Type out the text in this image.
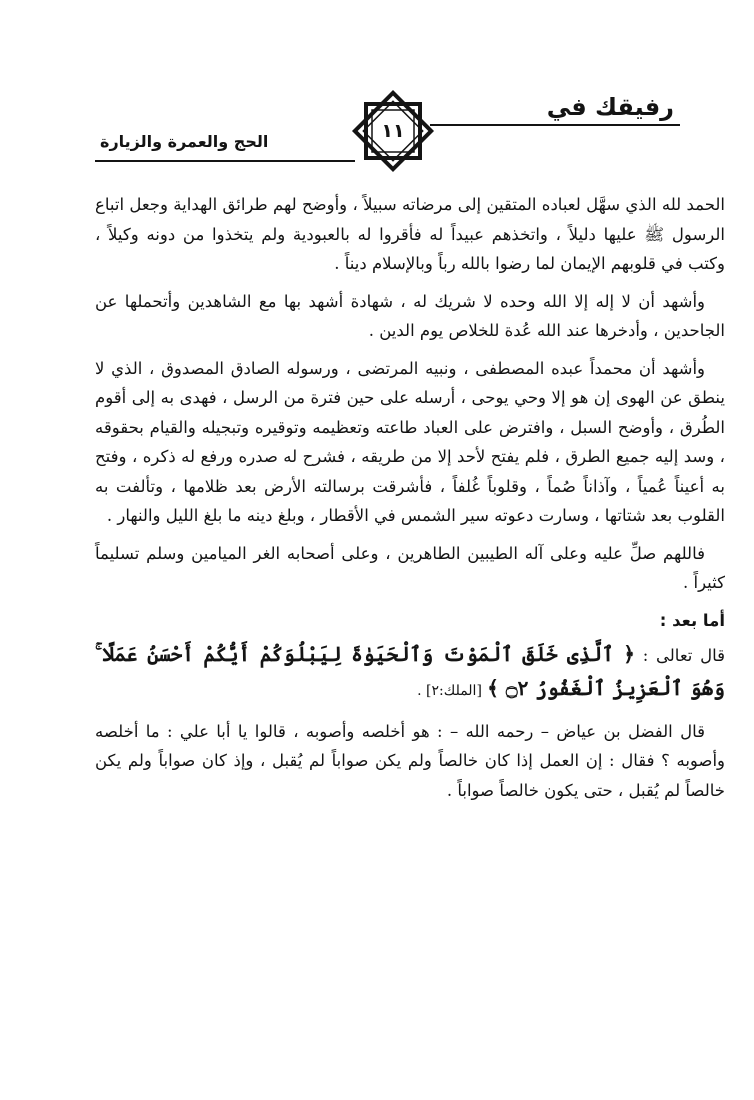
رفيقك في
١١
الحج والعمرة والزيارة

الحمد لله الذي سهَّل لعباده المتقين إلى مرضاته سبيلاً ، وأوضح لهم طرائق الهداية وجعل اتباع الرسول ﷺ عليها دليلاً ، واتخذهم عبيداً له فأقروا له بالعبودية ولم يتخذوا من دونه وكيلاً ، وكتب في قلوبهم الإيمان لما رضوا بالله رباً وبالإسلام ديناً .

وأشهد أن لا إله إلا الله وحده لا شريك له ، شهادة أشهد بها مع الشاهدين وأتحملها عن الجاحدين ، وأدخرها عند الله عُدة للخلاص يوم الدين .

وأشهد أن محمداً عبده المصطفى ، ونبيه المرتضى ، ورسوله الصادق المصدوق ، الذي لا ينطق عن الهوى إن هو إلا وحي يوحى ، أرسله على حين فترة من الرسل ، فهدى به إلى أقوم الطُرق ، وأوضح السبل ، وافترض على العباد طاعته وتعظيمه وتوقيره وتبجيله والقيام بحقوقه ، وسد إليه جميع الطرق ، فلم يفتح لأحد إلا من طريقه ، فشرح له صدره ورفع له ذكره ، وفتح به أعيناً عُمياً ، وآذاناً صُماً ، وقلوباً غُلفاً ، فأشرقت برسالته الأرض بعد ظلامها ، وتألفت به القلوب بعد شتاتها ، وسارت دعوته سير الشمس في الأقطار ، وبلغ دينه ما بلغ الليل والنهار .

فاللهم صلِّ عليه وعلى آله الطيبين الطاهرين ، وعلى أصحابه الغر الميامين وسلم تسليماً كثيراً .

أما بعد :
قال تعالى : ﴿ ٱلَّذِى خَلَقَ ٱلْمَوْتَ وَٱلْحَيَوٰةَ لِيَبْلُوَكُمْ أَيُّكُمْ أَحْسَنُ عَمَلًا ۚ وَهُوَ ٱلْعَزِيزُ ٱلْغَفُورُ ۝٢ ﴾ [الملك:٢] .

قال الفضل بن عياض – رحمه الله – : هو أخلصه وأصوبه ، قالوا يا أبا علي : ما أخلصه وأصوبه ؟ فقال : إن العمل إذا كان خالصاً ولم يكن صواباً لم يُقبل ، وإذ كان صواباً ولم يكن خالصاً لم يُقبل ، حتى يكون خالصاً صواباً .
